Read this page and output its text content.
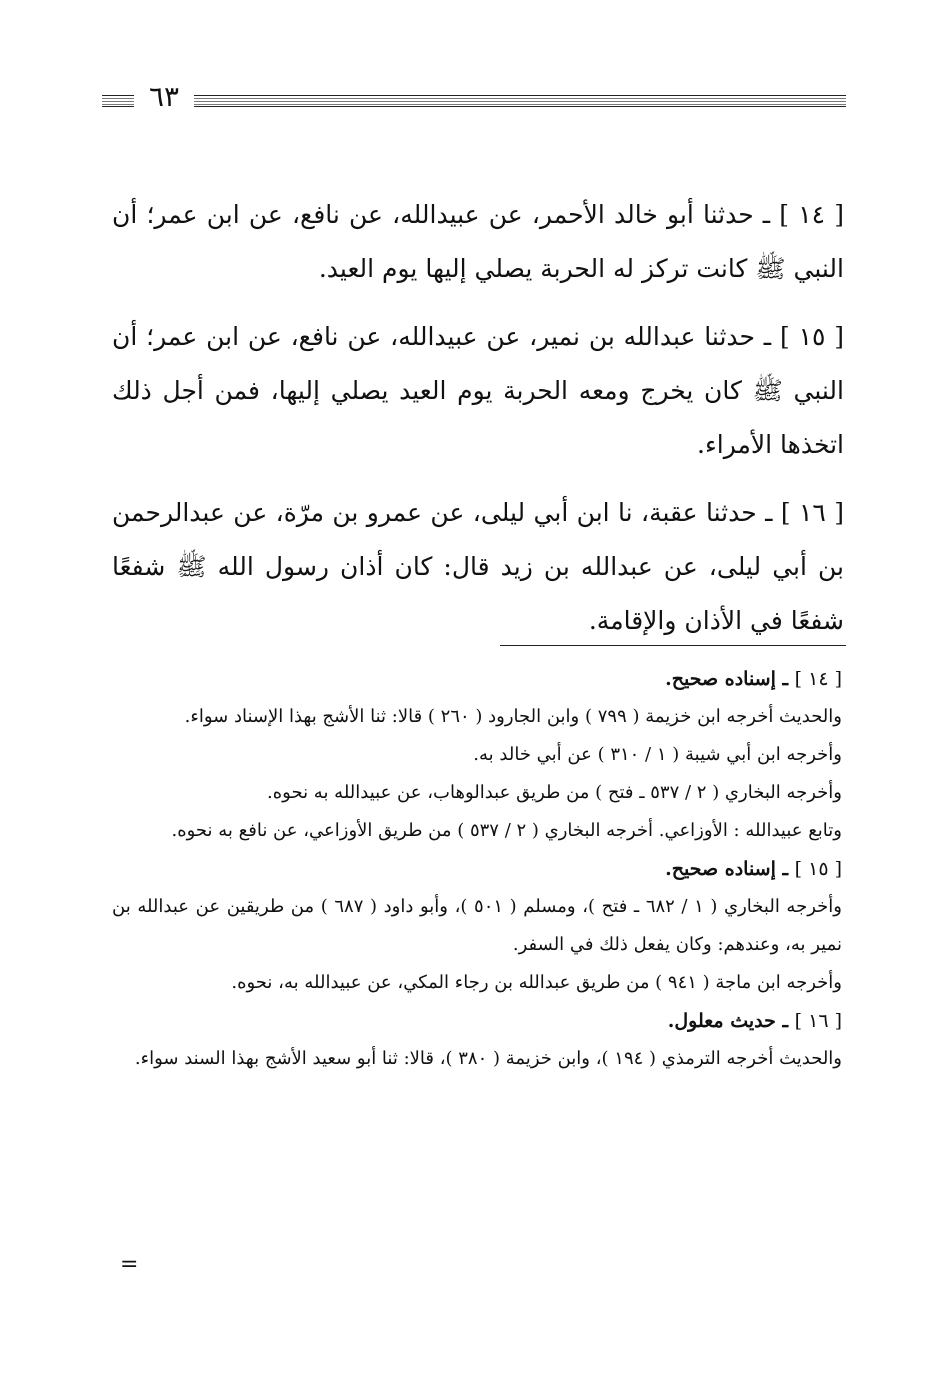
٦٣

[ ١٤ ] ـ حدثنا أبو خالد الأحمر، عن عبيدالله، عن نافع، عن ابن عمر؛ أن النبي ﷺ كانت تركز له الحربة يصلي إليها يوم العيد.

[ ١٥ ] ـ حدثنا عبدالله بن نمير، عن عبيدالله، عن نافع، عن ابن عمر؛ أن النبي ﷺ كان يخرج ومعه الحربة يوم العيد يصلي إليها، فمن أجل ذلك اتخذها الأمراء.

[ ١٦ ] ـ حدثنا عقبة، نا ابن أبي ليلى، عن عمرو بن مرّة، عن عبدالرحمن بن أبي ليلى، عن عبدالله بن زيد قال: كان أذان رسول الله ﷺ شفعًا شفعًا في الأذان والإقامة.

[ ١٤ ] ـ إسناده صحيح.

والحديث أخرجه ابن خزيمة ( ٧٩٩ ) وابن الجارود ( ٢٦٠ ) قالا: ثنا الأشج بهذا الإسناد سواء.

وأخرجه ابن أبي شيبة ( ١ / ٣١٠ ) عن أبي خالد به.

وأخرجه البخاري ( ٢ / ٥٣٧ ـ فتح ) من طريق عبدالوهاب، عن عبيدالله به نحوه.

وتابع عبيدالله : الأوزاعي. أخرجه البخاري ( ٢ / ٥٣٧ ) من طريق الأوزاعي، عن نافع به نحوه.

[ ١٥ ] ـ إسناده صحيح.

وأخرجه البخاري ( ١ / ٦٨٢ ـ فتح )، ومسلم ( ٥٠١ )، وأبو داود ( ٦٨٧ ) من طريقين عن عبدالله بن نمير به، وعندهم: وكان يفعل ذلك في السفر.

وأخرجه ابن ماجة ( ٩٤١ ) من طريق عبدالله بن رجاء المكي، عن عبيدالله به، نحوه.

[ ١٦ ] ـ حديث معلول.

والحديث أخرجه الترمذي ( ١٩٤ )، وابن خزيمة ( ٣٨٠ )، قالا: ثنا أبو سعيد الأشج بهذا السند سواء.

=
